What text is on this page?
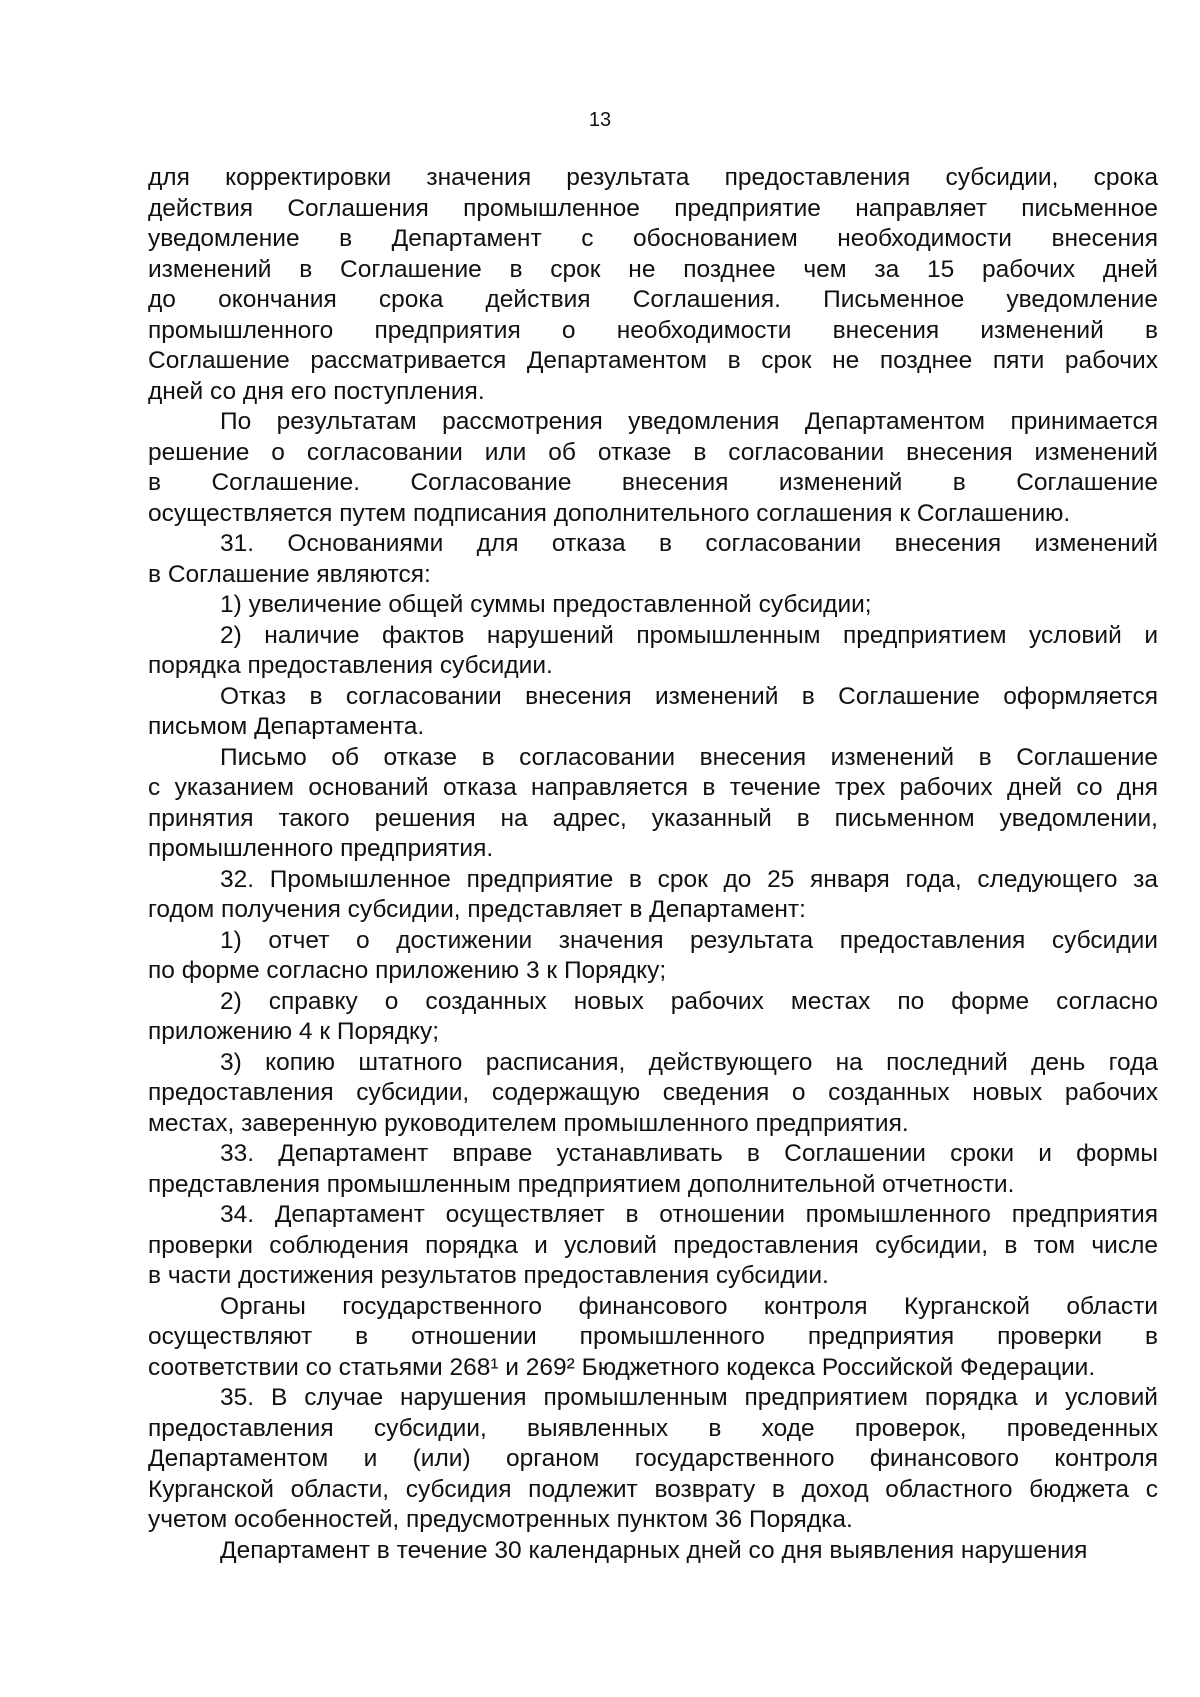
13

для корректировки значения результата предоставления субсидии, срока

действия Соглашения промышленное предприятие направляет письменное

уведомление в Департамент с обоснованием необходимости внесения

изменений в Соглашение в срок не позднее чем за 15 рабочих дней

до окончания срока действия Соглашения. Письменное уведомление

промышленного предприятия о необходимости внесения изменений в

Соглашение рассматривается Департаментом в срок не позднее пяти рабочих

дней со дня его поступления.

По результатам рассмотрения уведомления Департаментом принимается

решение о согласовании или об отказе в согласовании внесения изменений

в Соглашение. Согласование внесения изменений в Соглашение

осуществляется путем подписания дополнительного соглашения к Соглашению.

31. Основаниями для отказа в согласовании внесения изменений

в Соглашение являются:

1) увеличение общей суммы предоставленной субсидии;

2) наличие фактов нарушений промышленным предприятием условий и

порядка предоставления субсидии.

Отказ в согласовании внесения изменений в Соглашение оформляется

письмом Департамента.

Письмо об отказе в согласовании внесения изменений в Соглашение

с указанием оснований отказа направляется в течение трех рабочих дней со дня

принятия такого решения на адрес, указанный в письменном уведомлении,

промышленного предприятия.

32. Промышленное предприятие в срок до 25 января года, следующего за

годом получения субсидии, представляет в Департамент:

1) отчет о достижении значения результата предоставления субсидии

по форме согласно приложению 3 к Порядку;

2) справку о созданных новых рабочих местах по форме согласно

приложению 4 к Порядку;

3) копию штатного расписания, действующего на последний день года

предоставления субсидии, содержащую сведения о созданных новых рабочих

местах, заверенную руководителем промышленного предприятия.

33. Департамент вправе устанавливать в Соглашении сроки и формы

представления промышленным предприятием дополнительной отчетности.

34. Департамент осуществляет в отношении промышленного предприятия

проверки соблюдения порядка и условий предоставления субсидии, в том числе

в части достижения результатов предоставления субсидии.

Органы государственного финансового контроля Курганской области

осуществляют в отношении промышленного предприятия проверки в

соответствии со статьями 268¹ и 269² Бюджетного кодекса Российской Федерации.

35. В случае нарушения промышленным предприятием порядка и условий

предоставления субсидии, выявленных в ходе проверок, проведенных

Департаментом и (или) органом государственного финансового контроля

Курганской области, субсидия подлежит возврату в доход областного бюджета с

учетом особенностей, предусмотренных пунктом 36 Порядка.

Департамент в течение 30 календарных дней со дня выявления нарушения
